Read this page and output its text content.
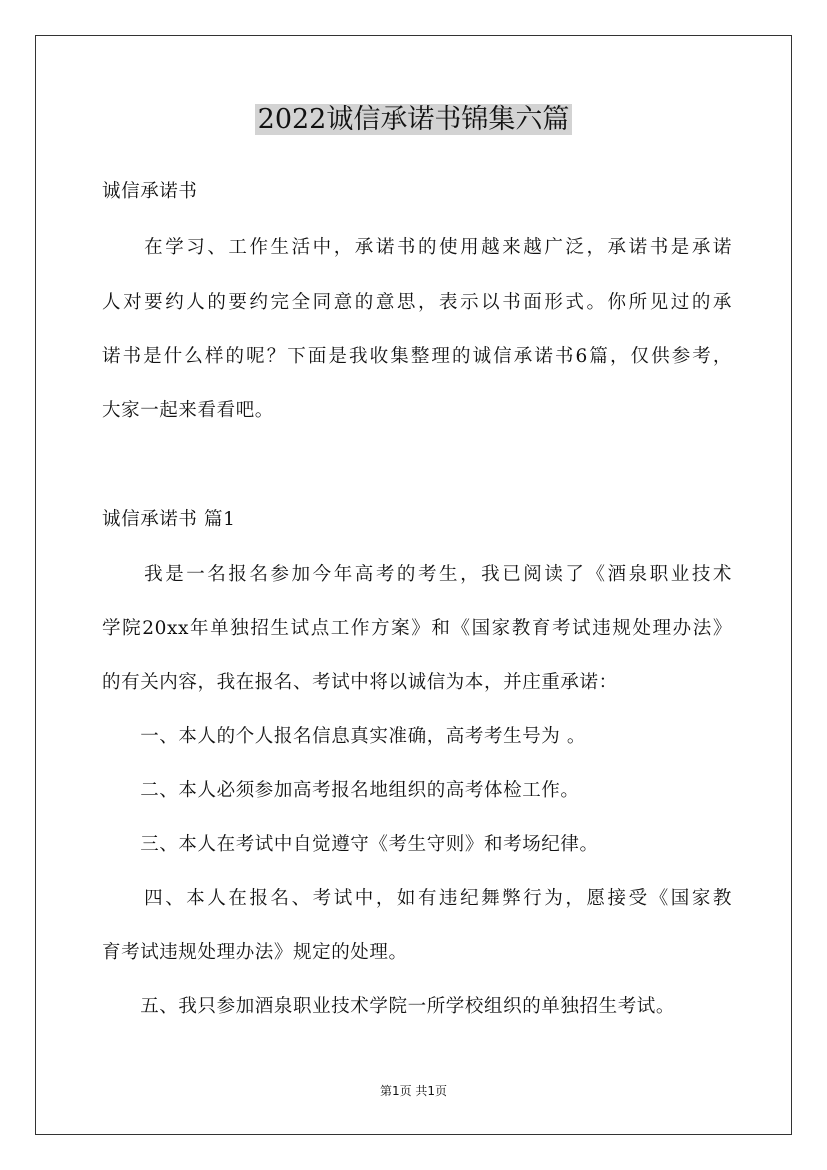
2022诚信承诺书锦集六篇
诚信承诺书
　　在学习、工作生活中，承诺书的使用越来越广泛，承诺书是承诺
人对要约人的要约完全同意的意思，表示以书面形式。你所见过的承
诺书是什么样的呢？下面是我收集整理的诚信承诺书6篇，仅供参考，
大家一起来看看吧。
诚信承诺书 篇1
　　我是一名报名参加今年高考的考生，我已阅读了《酒泉职业技术
学院20xx年单独招生试点工作方案》和《国家教育考试违规处理办法》
的有关内容，我在报名、考试中将以诚信为本，并庄重承诺：
　　一、本人的个人报名信息真实准确，高考考生号为 。
　　二、本人必须参加高考报名地组织的高考体检工作。
　　三、本人在考试中自觉遵守《考生守则》和考场纪律。
　　四、本人在报名、考试中，如有违纪舞弊行为，愿接受《国家教
育考试违规处理办法》规定的处理。
　　五、我只参加酒泉职业技术学院一所学校组织的单独招生考试。
第1页 共1页
